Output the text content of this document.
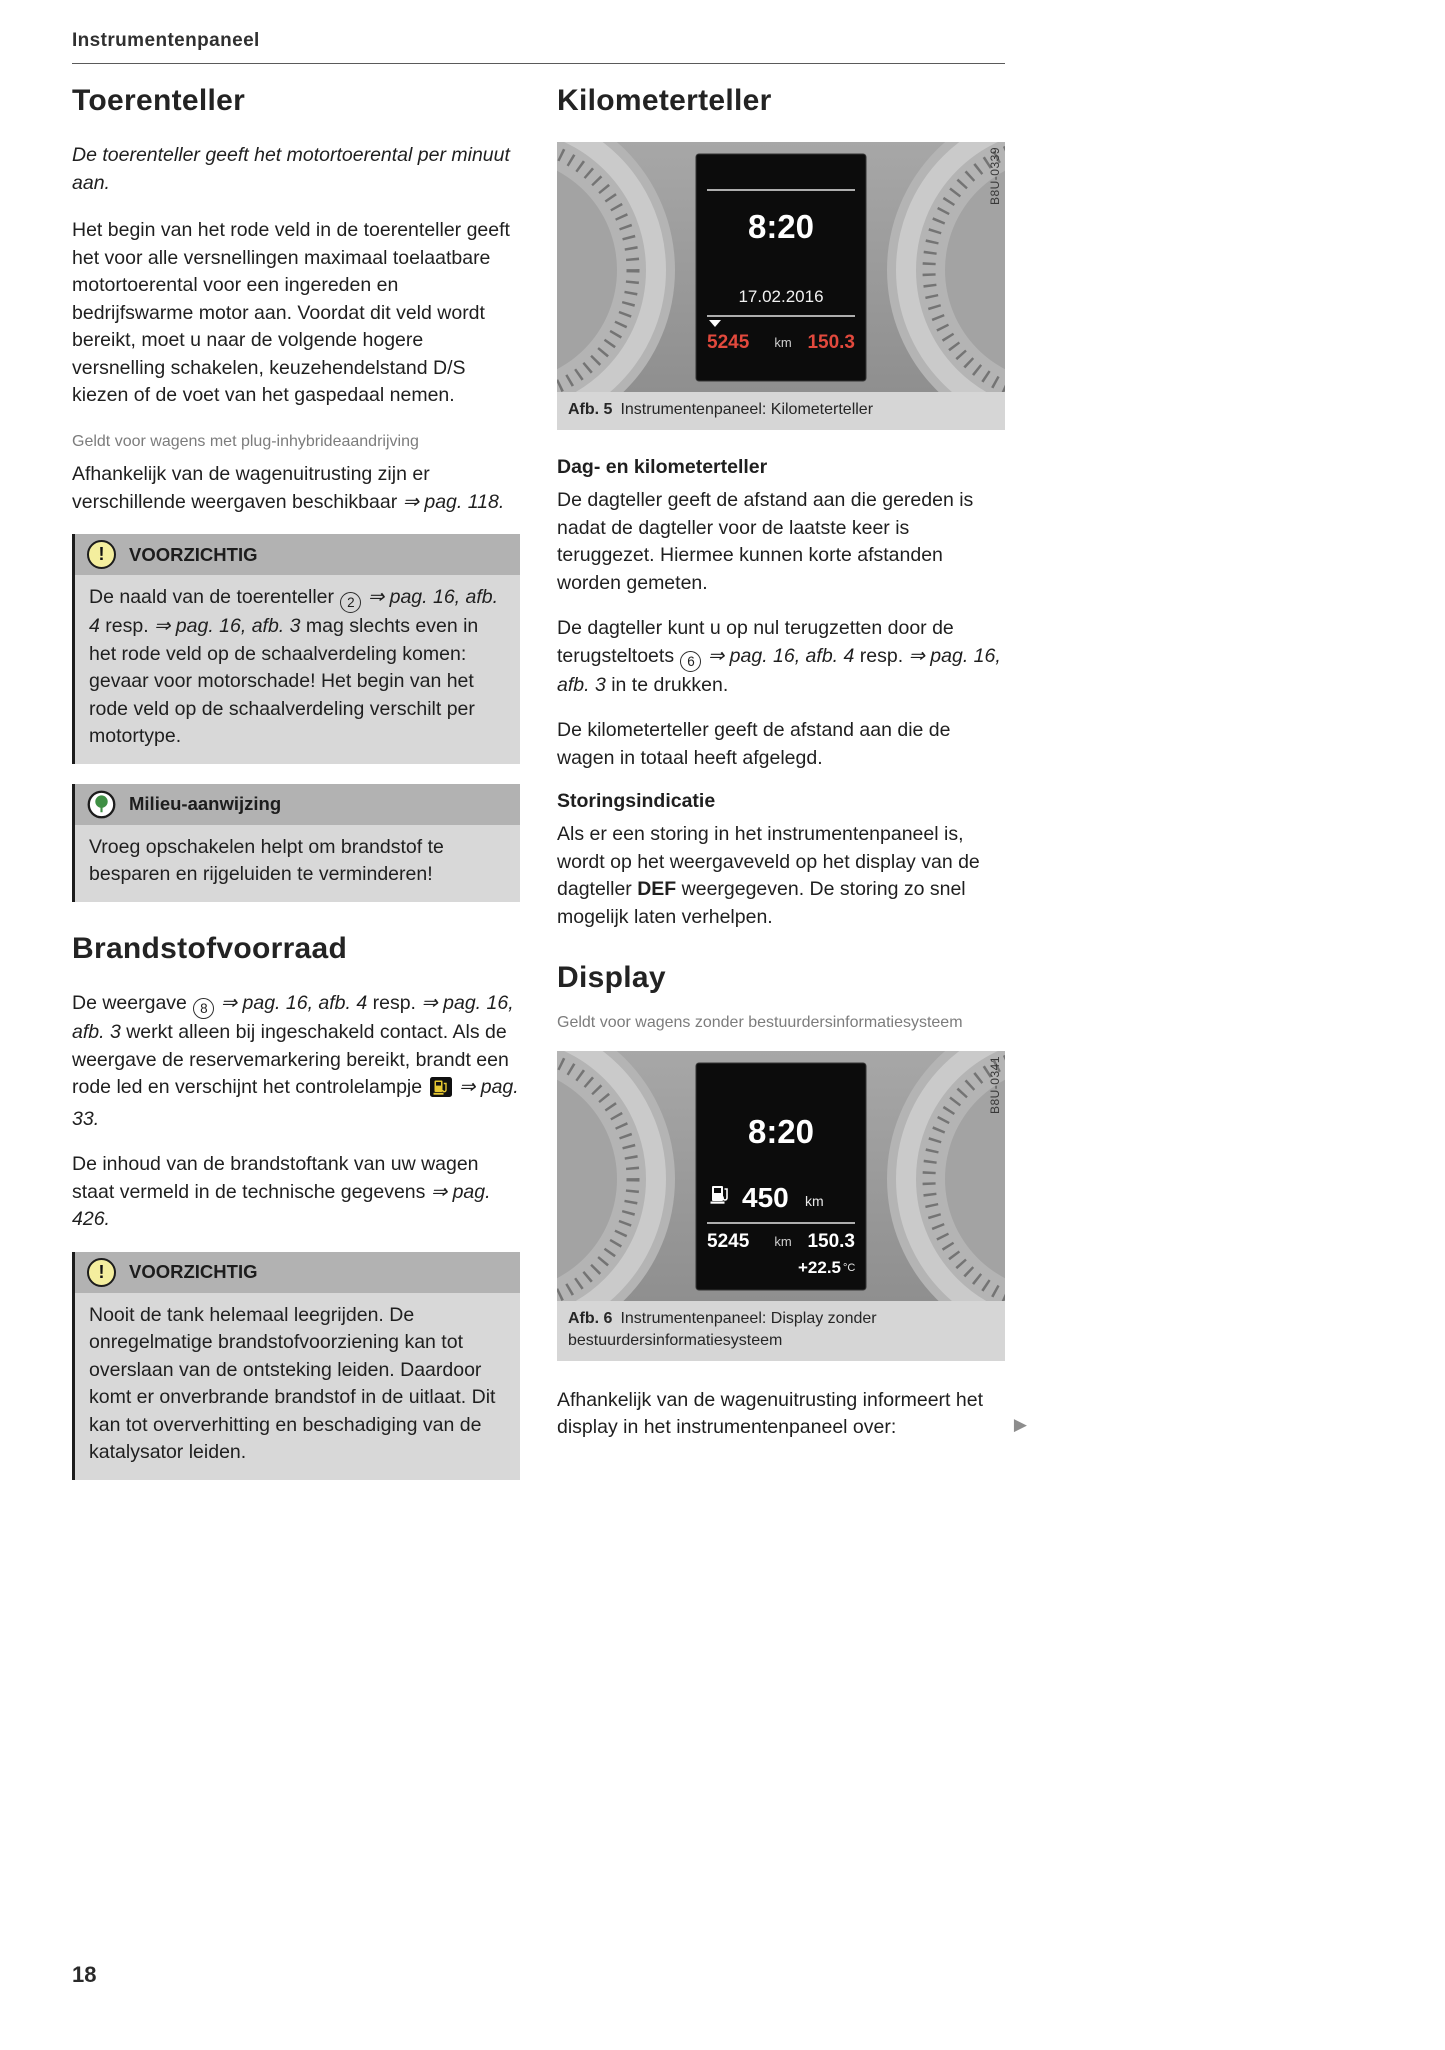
Instrumentenpaneel
Toerenteller

De toerenteller geeft het motortoerental per minuut aan.

Het begin van het rode veld in de toerenteller geeft het voor alle versnellingen maximaal toelaatbare motortoerental voor een ingereden en bedrijfswarme motor aan. Voordat dit veld wordt bereikt, moet u naar de volgende hogere versnelling schakelen, keuzehendelstand D/S kiezen of de voet van het gaspedaal nemen.

Geldt voor wagens met plug-inhybrideaandrijving

Afhankelijk van de wagenuitrusting zijn er verschillende weergaven beschikbaar ⇒ pag. 118.

!	VOORZICHTIG

De naald van de toerenteller 2 ⇒ pag. 16, afb. 4 resp. ⇒ pag. 16, afb. 3 mag slechts even in het rode veld op de schaalverdeling komen: gevaar voor motorschade! Het begin van het rode veld op de schaalverdeling verschilt per motortype.

Milieu-aanwijzing

Vroeg opschakelen helpt om brandstof te besparen en rijgeluiden te verminderen!

Brandstofvoorraad

De weergave 8 ⇒ pag. 16, afb. 4 resp. ⇒ pag. 16, afb. 3 werkt alleen bij ingeschakeld contact. Als de weergave de reservemarkering bereikt, brandt een rode led en verschijnt het controlelampje  ⇒ pag. 33.

De inhoud van de brandstoftank van uw wagen staat vermeld in de technische gegevens ⇒ pag. 426.

!	VOORZICHTIG

Nooit de tank helemaal leegrijden. De onregelmatige brandstofvoorziening kan tot overslaan van de ontsteking leiden. Daardoor komt er onverbrande brandstof in de uitlaat. Dit kan tot oververhitting en beschadiging van de katalysator leiden.

Kilometerteller
8:20
17.02.2016
5245 km 150.3
B8U-0339
Afb. 5 Instrumentenpaneel: Kilometerteller
Dag- en kilometerteller

De dagteller geeft de afstand aan die gereden is nadat de dagteller voor de laatste keer is teruggezet. Hiermee kunnen korte afstanden worden gemeten.

De dagteller kunt u op nul terugzetten door de terugsteltoets 6 ⇒ pag. 16, afb. 4 resp. ⇒ pag. 16, afb. 3 in te drukken.

De kilometerteller geeft de afstand aan die de wagen in totaal heeft afgelegd.

Storingsindicatie

Als er een storing in het instrumentenpaneel is, wordt op het weergaveveld op het display van de dagteller DEF weergegeven. De storing zo snel mogelijk laten verhelpen.

Display

Geldt voor wagens zonder bestuurdersinformatiesysteem

8:20
450 km
5245 km 150.3
+22.5 °C
B8U-0341
Afb. 6 Instrumentenpaneel: Display zonder bestuurdersinformatiesysteem

Afhankelijk van de wagenuitrusting informeert het display in het instrumentenpaneel over:	▶

18
